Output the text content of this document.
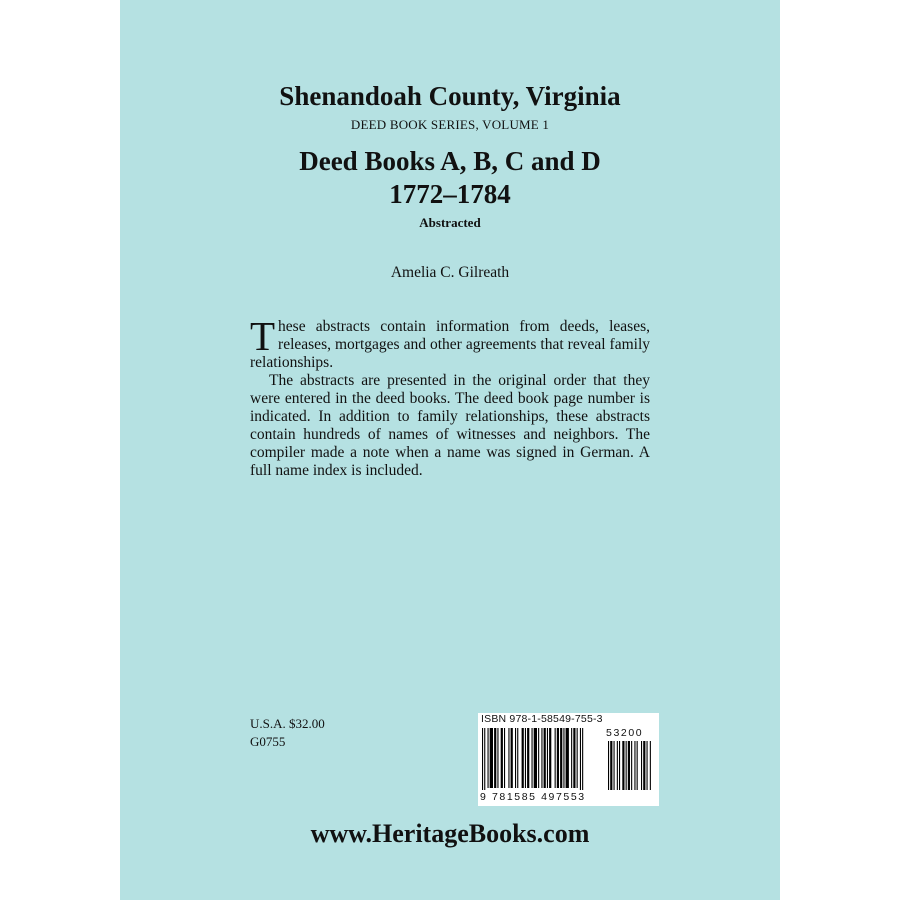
Shenandoah County, Virginia
DEED BOOK SERIES, VOLUME 1
Deed Books A, B, C and D
1772–1784
Abstracted
Amelia C. Gilreath

These abstracts contain information from deeds, leases, releases, mortgages and other agreements that reveal family relationships.

The abstracts are presented in the original order that they were entered in the deed books. The deed book page number is indicated. In addition to family relationships, these abstracts contain hundreds of names of witnesses and neighbors. The compiler made a note when a name was signed in German. A full name index is included.

U.S.A. $32.00
G0755
ISBN 978-1-58549-755-3
9 781585 497553
53200
www.HeritageBooks.com
